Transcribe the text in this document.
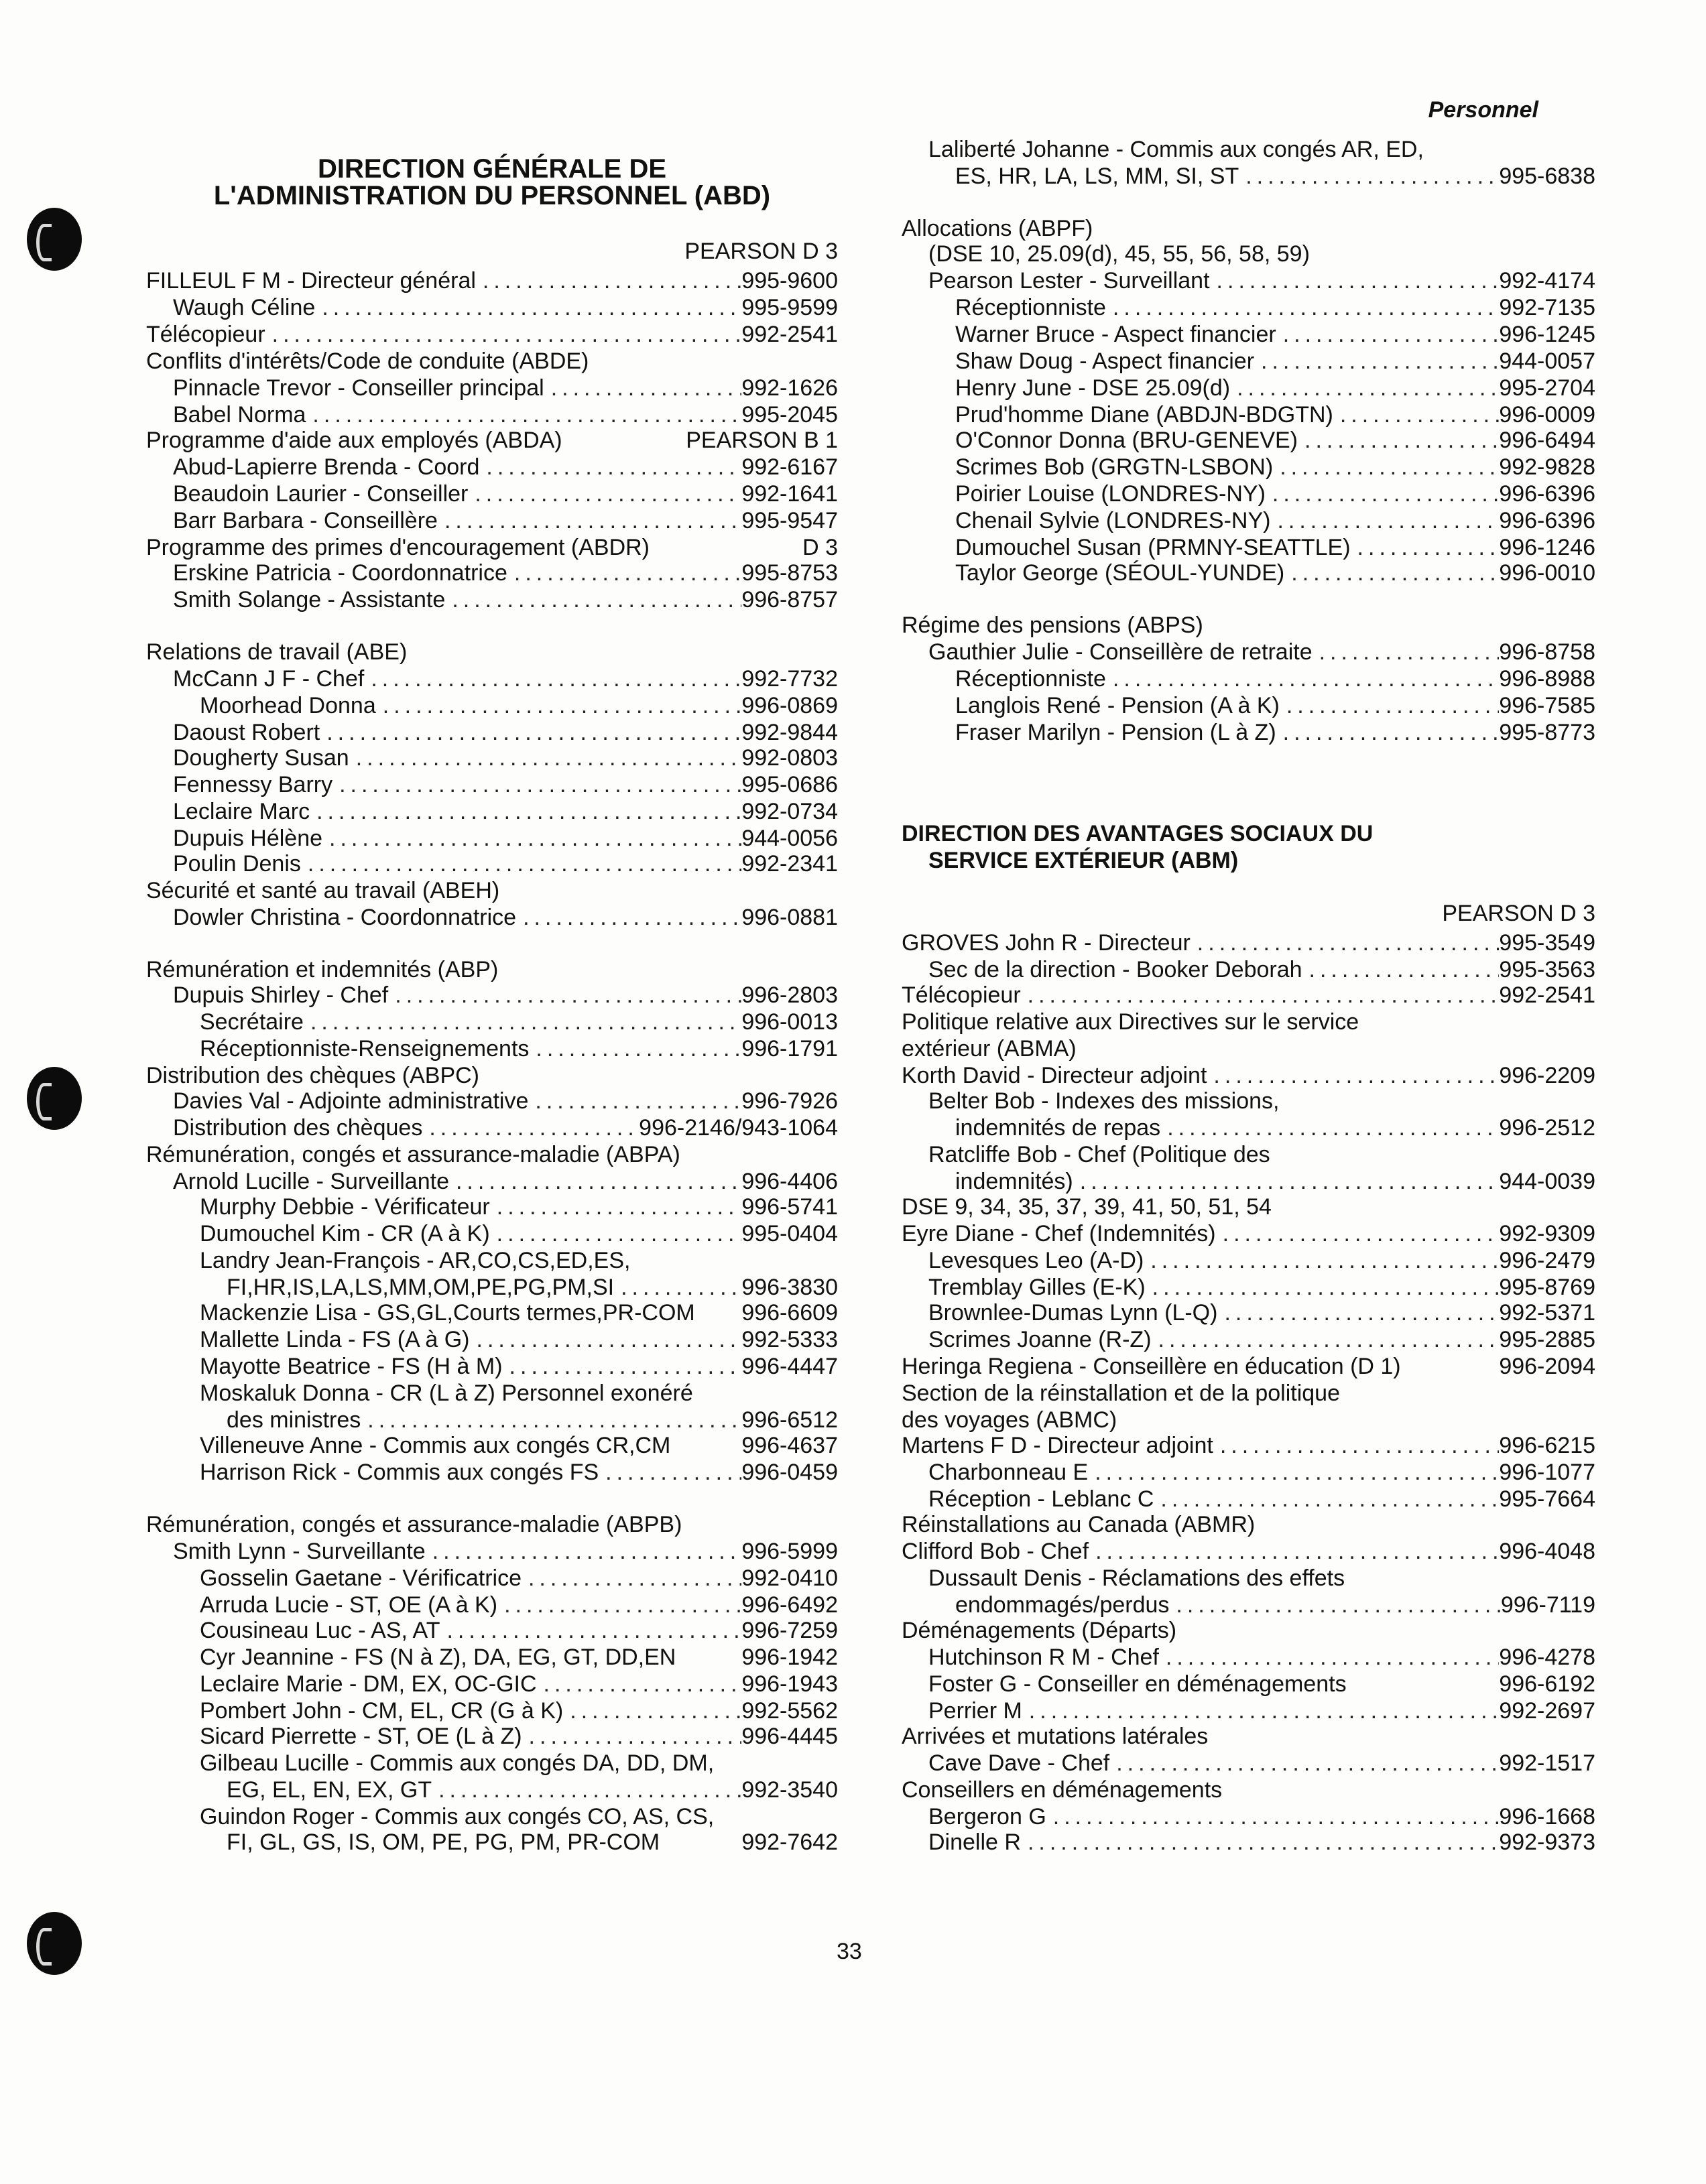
Personnel
DIRECTION GÉNÉRALE DE
L'ADMINISTRATION DU PERSONNEL (ABD)
PEARSON D 3
FILLEUL F M - Directeur général .....	995-9600
Waugh Céline .....	995-9599
Télécopieur .....	992-2541
Conflits d'intérêts/Code de conduite (ABDE)
Pinnacle Trevor - Conseiller principal .....	992-1626
Babel Norma .....	995-2045
Programme d'aide aux employés (ABDA)	PEARSON B 1
Abud-Lapierre Brenda - Coord .....	992-6167
Beaudoin Laurier - Conseiller .....	992-1641
Barr Barbara - Conseillère .....	995-9547
Programme des primes d'encouragement (ABDR)	D 3
Erskine Patricia - Coordonnatrice .....	995-8753
Smith Solange - Assistante .....	996-8757
Relations de travail (ABE)
McCann J F - Chef .....	992-7732
Moorhead Donna .....	996-0869
Daoust Robert .....	992-9844
Dougherty Susan .....	992-0803
Fennessy Barry .....	995-0686
Leclaire Marc .....	992-0734
Dupuis Hélène .....	944-0056
Poulin Denis .....	992-2341
Sécurité et santé au travail (ABEH)
Dowler Christina - Coordonnatrice .....	996-0881
Rémunération et indemnités (ABP)
Dupuis Shirley - Chef .....	996-2803
Secrétaire .....	996-0013
Réceptionniste-Renseignements .....	996-1791
Distribution des chèques (ABPC)
Davies Val - Adjointe administrative .....	996-7926
Distribution des chèques .....	996-2146/943-1064
Rémunération, congés et assurance-maladie (ABPA)
Arnold Lucille - Surveillante .....	996-4406
Murphy Debbie - Vérificateur .....	996-5741
Dumouchel Kim - CR (A à K) .....	995-0404
Landry Jean-François - AR,CO,CS,ED,ES,
FI,HR,IS,LA,LS,MM,OM,PE,PG,PM,SI .....	996-3830
Mackenzie Lisa - GS,GL,Courts termes,PR-COM 996-6609
Mallette Linda - FS (A à G) .....	992-5333
Mayotte Beatrice - FS (H à M) .....	996-4447
Moskaluk Donna - CR (L à Z) Personnel exonéré
des ministres .....	996-6512
Villeneuve Anne - Commis aux congés CR,CM	996-4637
Harrison Rick - Commis aux congés FS .....	996-0459
Rémunération, congés et assurance-maladie (ABPB)
Smith Lynn - Surveillante .....	996-5999
Gosselin Gaetane - Vérificatrice .....	992-0410
Arruda Lucie - ST, OE (A à K) .....	996-6492
Cousineau Luc - AS, AT .....	996-7259
Cyr Jeannine - FS (N à Z), DA, EG, GT, DD,EN	996-1942
Leclaire Marie - DM, EX, OC-GIC .....	996-1943
Pombert John - CM, EL, CR (G à K) .....	992-5562
Sicard Pierrette - ST, OE (L à Z) .....	996-4445
Gilbeau Lucille - Commis aux congés DA, DD, DM,
EG, EL, EN, EX, GT .....	992-3540
Guindon Roger - Commis aux congés CO, AS, CS,
FI, GL, GS, IS, OM, PE, PG, PM, PR-COM	992-7642
Laliberté Johanne - Commis aux congés AR, ED,
ES, HR, LA, LS, MM, SI, ST .....	995-6838
Allocations (ABPF)
(DSE 10, 25.09(d), 45, 55, 56, 58, 59)
Pearson Lester - Surveillant .....	992-4174
Réceptionniste .....	992-7135
Warner Bruce - Aspect financier .....	996-1245
Shaw Doug - Aspect financier .....	944-0057
Henry June - DSE 25.09(d) .....	995-2704
Prud'homme Diane (ABDJN-BDGTN) .....	996-0009
O'Connor Donna (BRU-GENEVE) .....	996-6494
Scrimes Bob (GRGTN-LSBON) .....	992-9828
Poirier Louise (LONDRES-NY) .....	996-6396
Chenail Sylvie (LONDRES-NY) .....	996-6396
Dumouchel Susan (PRMNY-SEATTLE) .....	996-1246
Taylor George (SÉOUL-YUNDE) .....	996-0010
Régime des pensions (ABPS)
Gauthier Julie - Conseillère de retraite .....	996-8758
Réceptionniste .....	996-8988
Langlois René - Pension (A à K) .....	996-7585
Fraser Marilyn - Pension (L à Z) .....	995-8773
DIRECTION DES AVANTAGES SOCIAUX DU
SERVICE EXTÉRIEUR (ABM)
PEARSON D 3
GROVES John R - Directeur .....	995-3549
Sec de la direction - Booker Deborah .....	995-3563
Télécopieur .....	992-2541
Politique relative aux Directives sur le service
extérieur (ABMA)
Korth David - Directeur adjoint .....	996-2209
Belter Bob - Indexes des missions,
indemnités de repas .....	996-2512
Ratcliffe Bob - Chef (Politique des
indemnités) .....	944-0039
DSE 9, 34, 35, 37, 39, 41, 50, 51, 54
Eyre Diane - Chef (Indemnités) .....	992-9309
Levesques Leo (A-D) .....	996-2479
Tremblay Gilles (E-K) .....	995-8769
Brownlee-Dumas Lynn (L-Q) .....	992-5371
Scrimes Joanne (R-Z) .....	995-2885
Heringa Regiena - Conseillère en éducation (D 1)	996-2094
Section de la réinstallation et de la politique
des voyages (ABMC)
Martens F D - Directeur adjoint .....	996-6215
Charbonneau E .....	996-1077
Réception - Leblanc C .....	995-7664
Réinstallations au Canada (ABMR)
Clifford Bob - Chef .....	996-4048
Dussault Denis - Réclamations des effets
endommagés/perdus .....	996-7119
Déménagements (Départs)
Hutchinson R M - Chef .....	996-4278
Foster G - Conseiller en déménagements	996-6192
Perrier M .....	992-2697
Arrivées et mutations latérales
Cave Dave - Chef .....	992-1517
Conseillers en déménagements
Bergeron G .....	996-1668
Dinelle R .....	992-9373
33
